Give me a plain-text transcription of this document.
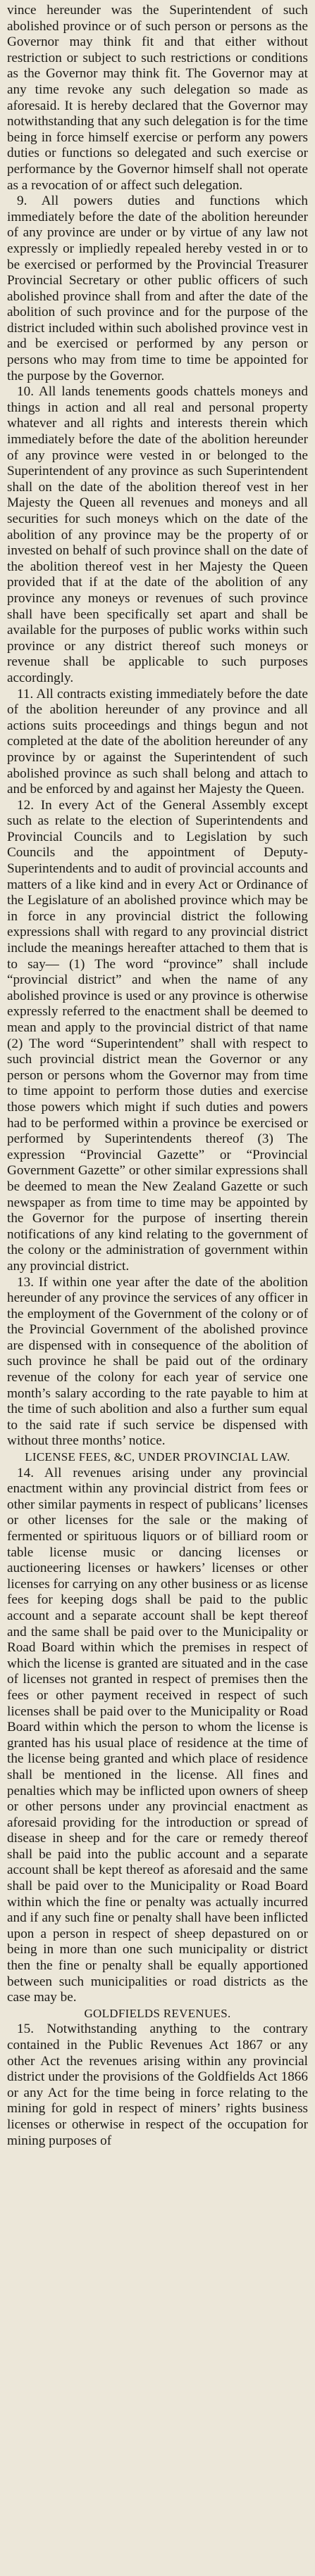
vince hereunder was the Superintendent of such abolished province or of such person or persons as the Governor may think fit and that either without restriction or subject to such restrictions or conditions as the Governor may think fit. The Governor may at any time revoke any such delegation so made as aforesaid. It is hereby declared that the Governor may notwithstanding that any such delegation is for the time being in force himself exercise or perform any powers duties or functions so delegated and such exercise or performance by the Governor himself shall not operate as a revocation of or affect such delegation.

9. All powers duties and functions which immediately before the date of the abolition hereunder of any province are under or by virtue of any law not expressly or impliedly repealed hereby vested in or to be exercised or performed by the Provincial Treasurer Provincial Secretary or other public officers of such abolished province shall from and after the date of the abolition of such province and for the purpose of the district included within such abolished province vest in and be exercised or performed by any person or persons who may from time to time be appointed for the purpose by the Governor.

10. All lands tenements goods chattels moneys and things in action and all real and personal property whatever and all rights and interests therein which immediately before the date of the abolition hereunder of any province were vested in or belonged to the Superintendent of any province as such Superintendent shall on the date of the abolition thereof vest in her Majesty the Queen all revenues and moneys and all securities for such moneys which on the date of the abolition of any province may be the property of or invested on behalf of such province shall on the date of the abolition thereof vest in her Majesty the Queen provided that if at the date of the abolition of any province any moneys or revenues of such province shall have been specifically set apart and shall be available for the purposes of public works within such province or any district thereof such moneys or revenue shall be applicable to such purposes accordingly.

11. All contracts existing immediately before the date of the abolition hereunder of any province and all actions suits proceedings and things begun and not completed at the date of the abolition hereunder of any province by or against the Superintendent of such abolished province as such shall belong and attach to and be enforced by and against her Majesty the Queen.

12. In every Act of the General Assembly except such as relate to the election of Superintendents and Provincial Councils and to Legislation by such Councils and the appointment of Deputy-Superintendents and to audit of provincial accounts and matters of a like kind and in every Act or Ordinance of the Legislature of an abolished province which may be in force in any provincial district the following expressions shall with regard to any provincial district include the meanings hereafter attached to them that is to say— (1) The word “province” shall include “provincial district” and when the name of any abolished province is used or any province is otherwise expressly referred to the enactment shall be deemed to mean and apply to the provincial district of that name (2) The word “Superintendent” shall with respect to such provincial district mean the Governor or any person or persons whom the Governor may from time to time appoint to perform those duties and exercise those powers which might if such duties and powers had to be performed within a province be exercised or performed by Superintendents thereof (3) The expression “Provincial Gazette” or “Provincial Government Gazette” or other similar expressions shall be deemed to mean the New Zealand Gazette or such newspaper as from time to time may be appointed by the Governor for the purpose of inserting therein notifications of any kind relating to the government of the colony or the administration of government within any provincial district.

13. If within one year after the date of the abolition hereunder of any province the services of any officer in the employment of the Government of the colony or of the Provincial Government of the abolished province are dispensed with in consequence of the abolition of such province he shall be paid out of the ordinary revenue of the colony for each year of service one month’s salary according to the rate payable to him at the time of such abolition and also a further sum equal to the said rate if such service be dispensed with without three months’ notice.

LICENSE FEES, &C, UNDER PROVINCIAL LAW.

14. All revenues arising under any provincial enactment within any provincial district from fees or other similar payments in respect of publicans’ licenses or other licenses for the sale or the making of fermented or spirituous liquors or of billiard room or table license music or dancing licenses or auctioneering licenses or hawkers’ licenses or other licenses for carrying on any other business or as license fees for keeping dogs shall be paid to the public account and a separate account shall be kept thereof and the same shall be paid over to the Municipality or Road Board within which the premises in respect of which the license is granted are situated and in the case of licenses not granted in respect of premises then the fees or other payment received in respect of such licenses shall be paid over to the Municipality or Road Board within which the person to whom the license is granted has his usual place of residence at the time of the license being granted and which place of residence shall be mentioned in the license. All fines and penalties which may be inflicted upon owners of sheep or other persons under any provincial enactment as aforesaid providing for the introduction or spread of disease in sheep and for the care or remedy thereof shall be paid into the public account and a separate account shall be kept thereof as aforesaid and the same shall be paid over to the Municipality or Road Board within which the fine or penalty was actually incurred and if any such fine or penalty shall have been inflicted upon a person in respect of sheep depastured on or being in more than one such municipality or district then the fine or penalty shall be equally apportioned between such municipalities or road districts as the case may be.

GOLDFIELDS REVENUES.

15. Notwithstanding anything to the contrary contained in the Public Revenues Act 1867 or any other Act the revenues arising within any provincial district under the provisions of the Goldfields Act 1866 or any Act for the time being in force relating to the mining for gold in respect of miners’ rights business licenses or otherwise in respect of the occupation for mining purposes of
